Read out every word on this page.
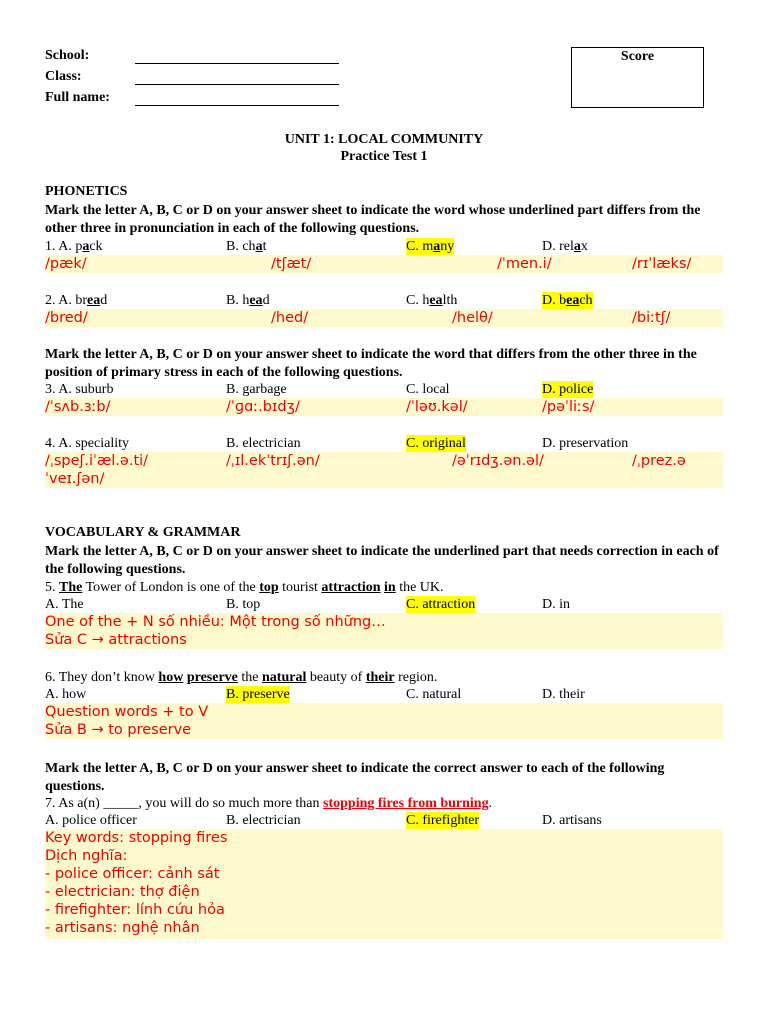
School:
Class:
Full name:
Score
UNIT 1: LOCAL COMMUNITY
Practice Test 1
PHONETICS
Mark the letter A, B, C or D on your answer sheet to indicate the word whose underlined part differs from the other three in pronunciation in each of the following questions.
1. A. pack	B. chat	C. many	D. relax
/pæk/	/tʃæt/	/ˈmen.i/	/rɪˈlæks/
2. A. bread	B. head	C. health	D. beach
/bred/	/hed/	/helθ/	/biːtʃ/
Mark the letter A, B, C or D on your answer sheet to indicate the word that differs from the other three in the position of primary stress in each of the following questions.
3. A. suburb	B. garbage	C. local	D. police
/ˈsʌb.ɜːb/	/ˈɡɑː.bɪdʒ/	/ˈləʊ.kəl/	/pəˈliːs/
4. A. speciality	B. electrician	C. original	D. preservation
/ˌspeʃ.iˈæl.ə.ti/	/ˌɪl.ekˈtrɪʃ.ən/	/əˈrɪdʒ.ən.əl/	/ˌprez.ə
ˈveɪ.ʃən/
VOCABULARY & GRAMMAR
Mark the letter A, B, C or D on your answer sheet to indicate the underlined part that needs correction in each of the following questions.
5. The Tower of London is one of the top tourist attraction in the UK.
A. The	B. top	C. attraction	D. in
One of the + N số nhiều: Một trong số những…
Sửa C → attractions
6. They don’t know how preserve the natural beauty of their region.
A. how	B. preserve	C. natural	D. their
Question words + to V
Sửa B → to preserve
Mark the letter A, B, C or D on your answer sheet to indicate the correct answer to each of the following questions.
7. As a(n) _____, you will do so much more than stopping fires from burning.
A. police officer	B. electrician	C. firefighter	D. artisans
Key words: stopping fires
Dịch nghĩa:
- police officer: cảnh sát
- electrician: thợ điện
- firefighter: lính cứu hỏa
- artisans: nghệ nhân
